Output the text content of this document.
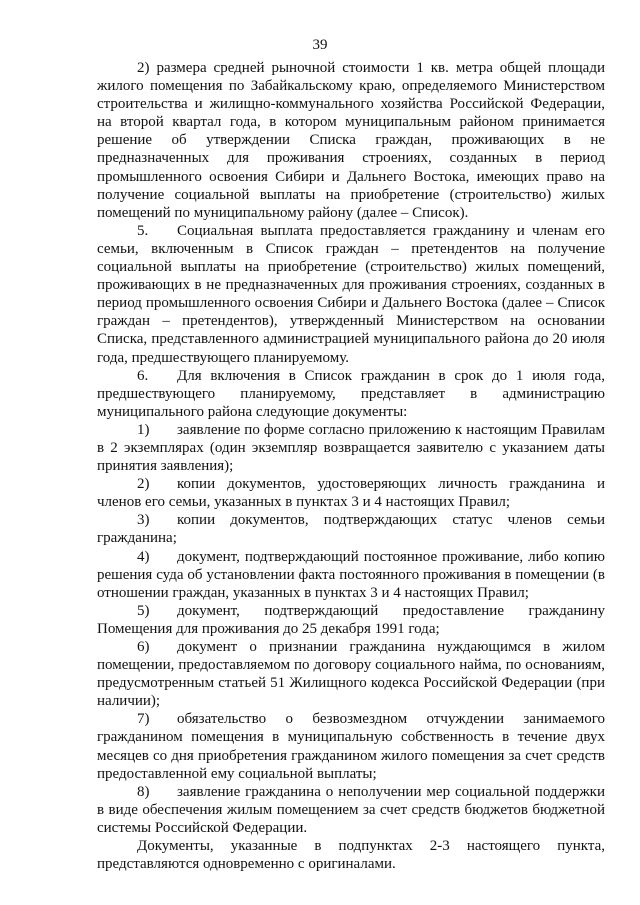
39

2) размера средней рыночной стоимости 1 кв. метра общей площади жилого помещения по Забайкальскому краю, определяемого Министерством строительства и жилищно-коммунального хозяйства Российской Федерации, на второй квартал года, в котором муниципальным районом принимается решение об утверждении Списка граждан, проживающих в не предназначенных для проживания строениях, созданных в период промышленного освоения Сибири и Дальнего Востока, имеющих право на получение социальной выплаты на приобретение (строительство) жилых помещений по муниципальному району (далее – Список).

5. Социальная выплата предоставляется гражданину и членам его семьи, включенным в Список граждан – претендентов на получение социальной выплаты на приобретение (строительство) жилых помещений, проживающих в не предназначенных для проживания строениях, созданных в период промышленного освоения Сибири и Дальнего Востока (далее – Список граждан – претендентов), утвержденный Министерством на основании Списка, представленного администрацией муниципального района до 20 июля года, предшествующего планируемому.

6. Для включения в Список гражданин в срок до 1 июля года, предшествующего планируемому, представляет в администрацию муниципального района следующие документы:

1) заявление по форме согласно приложению к настоящим Правилам в 2 экземплярах (один экземпляр возвращается заявителю с указанием даты принятия заявления);

2) копии документов, удостоверяющих личность гражданина и членов его семьи, указанных в пунктах 3 и 4 настоящих Правил;

3) копии документов, подтверждающих статус членов семьи гражданина;

4) документ, подтверждающий постоянное проживание, либо копию решения суда об установлении факта постоянного проживания в помещении (в отношении граждан, указанных в пунктах 3 и 4 настоящих Правил;

5) документ, подтверждающий предоставление гражданину Помещения для проживания до 25 декабря 1991 года;

6) документ о признании гражданина нуждающимся в жилом помещении, предоставляемом по договору социального найма, по основаниям, предусмотренным статьей 51 Жилищного кодекса Российской Федерации (при наличии);

7) обязательство о безвозмездном отчуждении занимаемого гражданином помещения в муниципальную собственность в течение двух месяцев со дня приобретения гражданином жилого помещения за счет средств предоставленной ему социальной выплаты;

8) заявление гражданина о неполучении мер социальной поддержки в виде обеспечения жилым помещением за счет средств бюджетов бюджетной системы Российской Федерации.

Документы, указанные в подпунктах 2-3 настоящего пункта, представляются одновременно с оригиналами.
